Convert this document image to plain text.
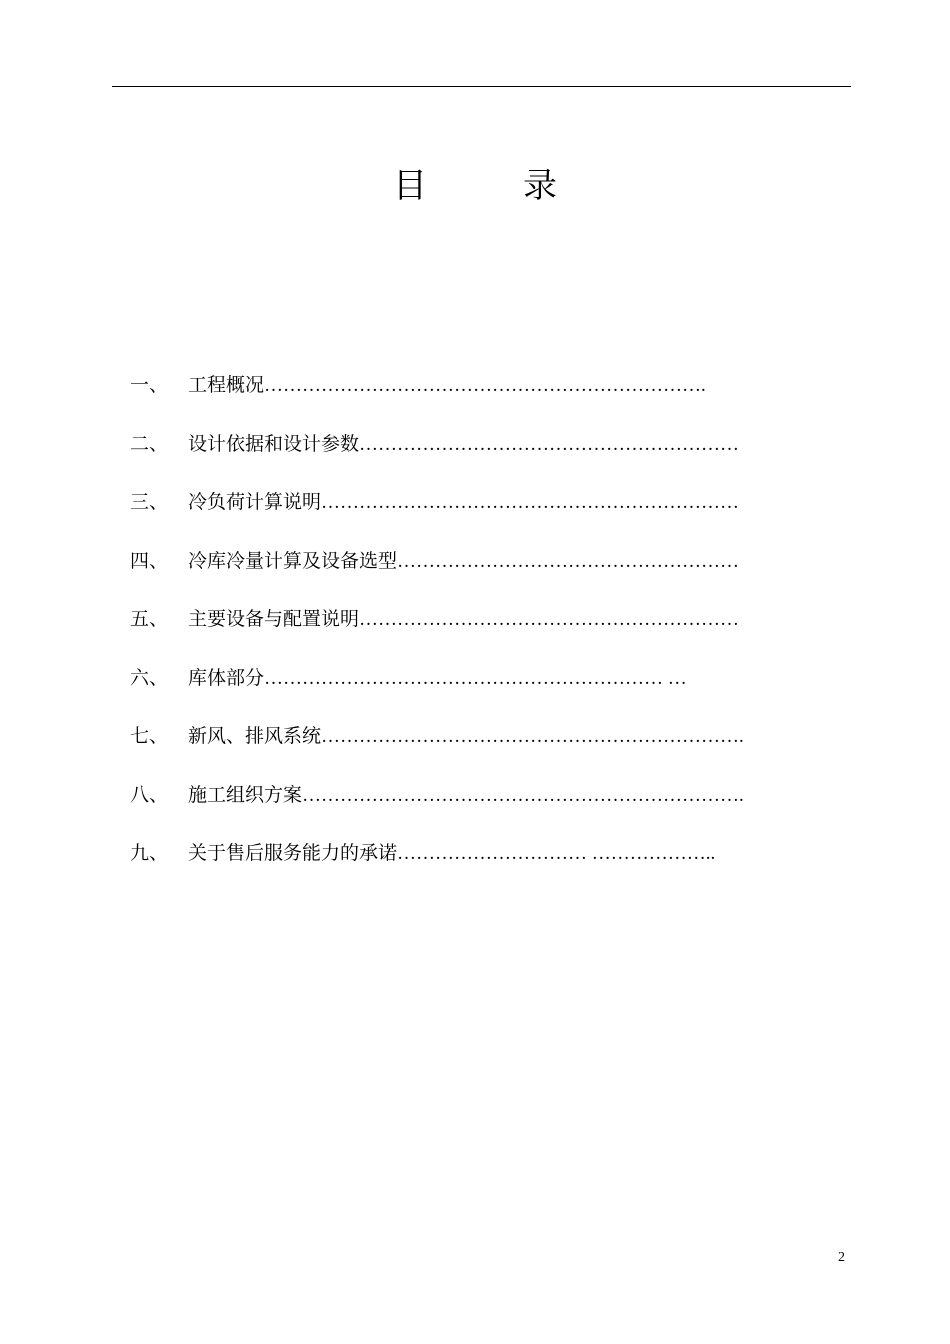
目	录
一、 工程概况 …………………………………………………………….
二、 设计依据和设计参数 ……………………………………………………
三、 冷负荷计算说明 …………………………………………………………
四、 冷库冷量计算及设备选型 ………………………………………………
五、 主要设备与配置说明 ……………………………………………………
六、 库体部分 ……………………………………………………… …
七、 新风、排风系统 ………………………………………………………….
八、 施工组织方案 …………………………………………………………….
九、 关于售后服务能力的承诺 ………………………… ………………..
2
